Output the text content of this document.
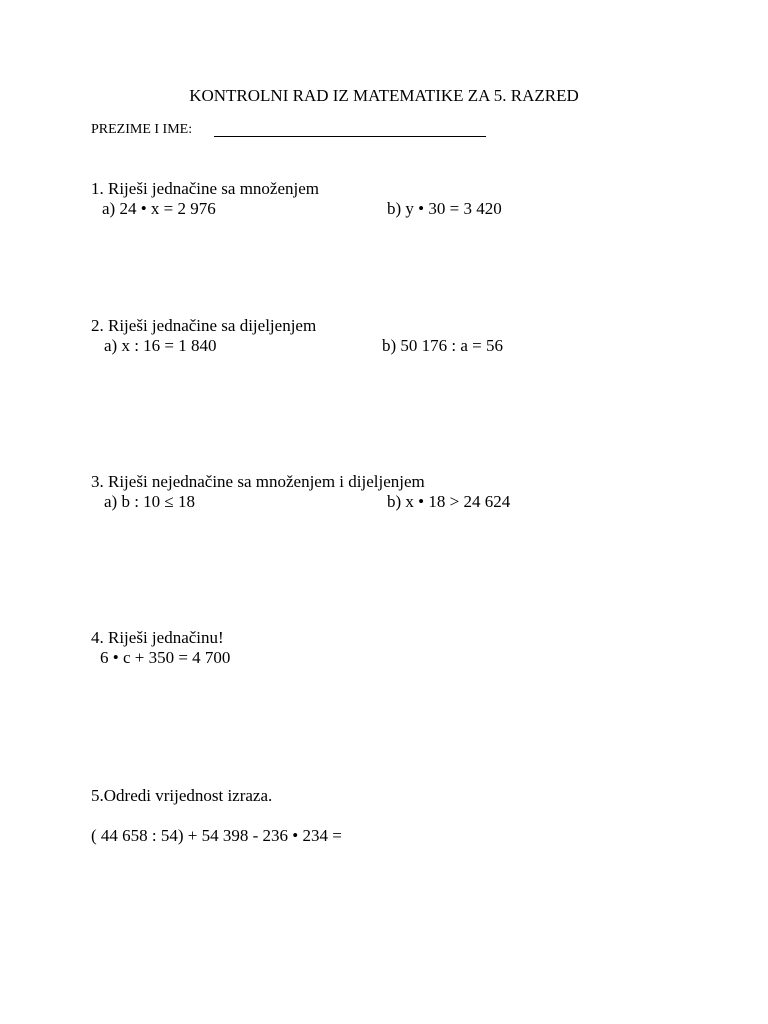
KONTROLNI RAD IZ MATEMATIKE ZA 5. RAZRED
PREZIME I IME:
1. Riješi jednačine sa množenjem
a) 24 • x = 2 976	b) y • 30 = 3 420
2. Riješi jednačine sa dijeljenjem
a) x : 16 = 1 840	b) 50 176 : a = 56
3. Riješi nejednačine sa množenjem i dijeljenjem
a) b : 10 ≤ 18	b) x • 18 > 24 624
4. Riješi jednačinu!
6 • c + 350 = 4 700
5.Odredi vrijednost izraza.
( 44 658 : 54) + 54 398 - 236 • 234 =
